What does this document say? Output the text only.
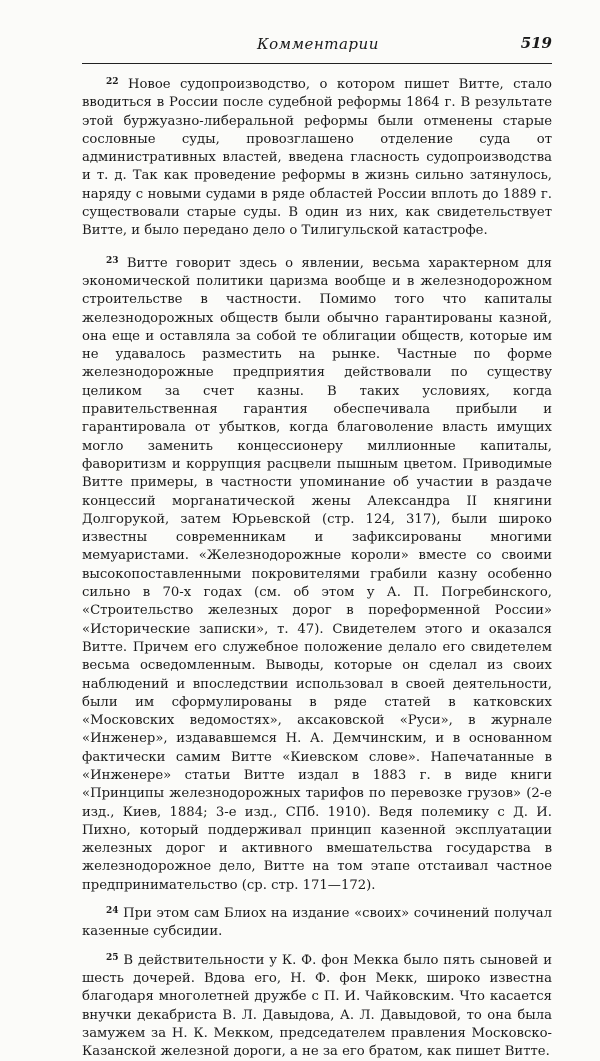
Комментарии	519

$^{22}$ Новое судопроизводство, о котором пишет Витте, стало вводиться в России после судебной реформы 1864 г. В результате этой буржуазно-либеральной реформы были отменены старые сословные суды, провозглашено отделение суда от административных властей, введена гласность судопроизводства и т. д. Так как проведение реформы в жизнь сильно затянулось, наряду с новыми судами в ряде областей России вплоть до 1889 г. существовали старые суды. В один из них, как свидетельствует Витте, и было передано дело о Тилигульской катастрофе.

$^{23}$ Витте говорит здесь о явлении, весьма характерном для экономической политики царизма вообще и в железнодорожном строительстве в частности. Помимо того что капиталы железнодорожных обществ были обычно гарантированы казной, она еще и оставляла за собой те облигации обществ, которые им не удавалось разместить на рынке. Частные по форме железнодорожные предприятия действовали по существу целиком за счет казны. В таких условиях, когда правительственная гарантия обеспечивала прибыли и гарантировала от убытков, когда благоволение власть имущих могло заменить концессионеру миллионные капиталы, фаворитизм и коррупция расцвели пышным цветом. Приводимые Витте примеры, в частности упоминание об участии в раздаче концессий морганатической жены Александра II княгини Долгорукой, затем Юрьевской (стр. 124, 317), были широко известны современникам и зафиксированы многими мемуаристами. «Железнодорожные короли» вместе со своими высокопоставленными покровителями грабили казну особенно сильно в 70-х годах (см. об этом у А. П. Погребинского, «Строительство железных дорог в пореформенной России» «Исторические записки», т. 47). Свидетелем этого и оказался Витте. Причем его служебное положение делало его свидетелем весьма осведомленным. Выводы, которые он сделал из своих наблюдений и впоследствии использовал в своей деятельности, были им сформулированы в ряде статей в катковских «Московских ведомостях», аксаковской «Руси», в журнале «Инженер», издававшемся Н. А. Демчинским, и в основанном фактически самим Витте «Киевском слове». Напечатанные в «Инженере» статьи Витте издал в 1883 г. в виде книги «Принципы железнодорожных тарифов по перевозке грузов» (2-е изд., Киев, 1884; 3-е изд., СПб. 1910). Ведя полемику с Д. И. Пихно, который поддерживал принцип казенной эксплуатации железных дорог и активного вмешательства государства в железнодорожное дело, Витте на том этапе отстаивал частное предпринимательство (ср. стр. 171—172).

$^{24}$ При этом сам Блиох на издание «своих» сочинений получал казенные субсидии.

$^{25}$ В действительности у К. Ф. фон Мекка было пять сыновей и шесть дочерей. Вдова его, Н. Ф. фон Мекк, широко известна благодаря многолетней дружбе с П. И. Чайковским. Что касается внучки декабриста В. Л. Давыдова, А. Л. Давыдовой, то она была замужем за Н. К. Мекком, председателем правления Московско-Казанской железной дороги, а не за его братом, как пишет Витте.
